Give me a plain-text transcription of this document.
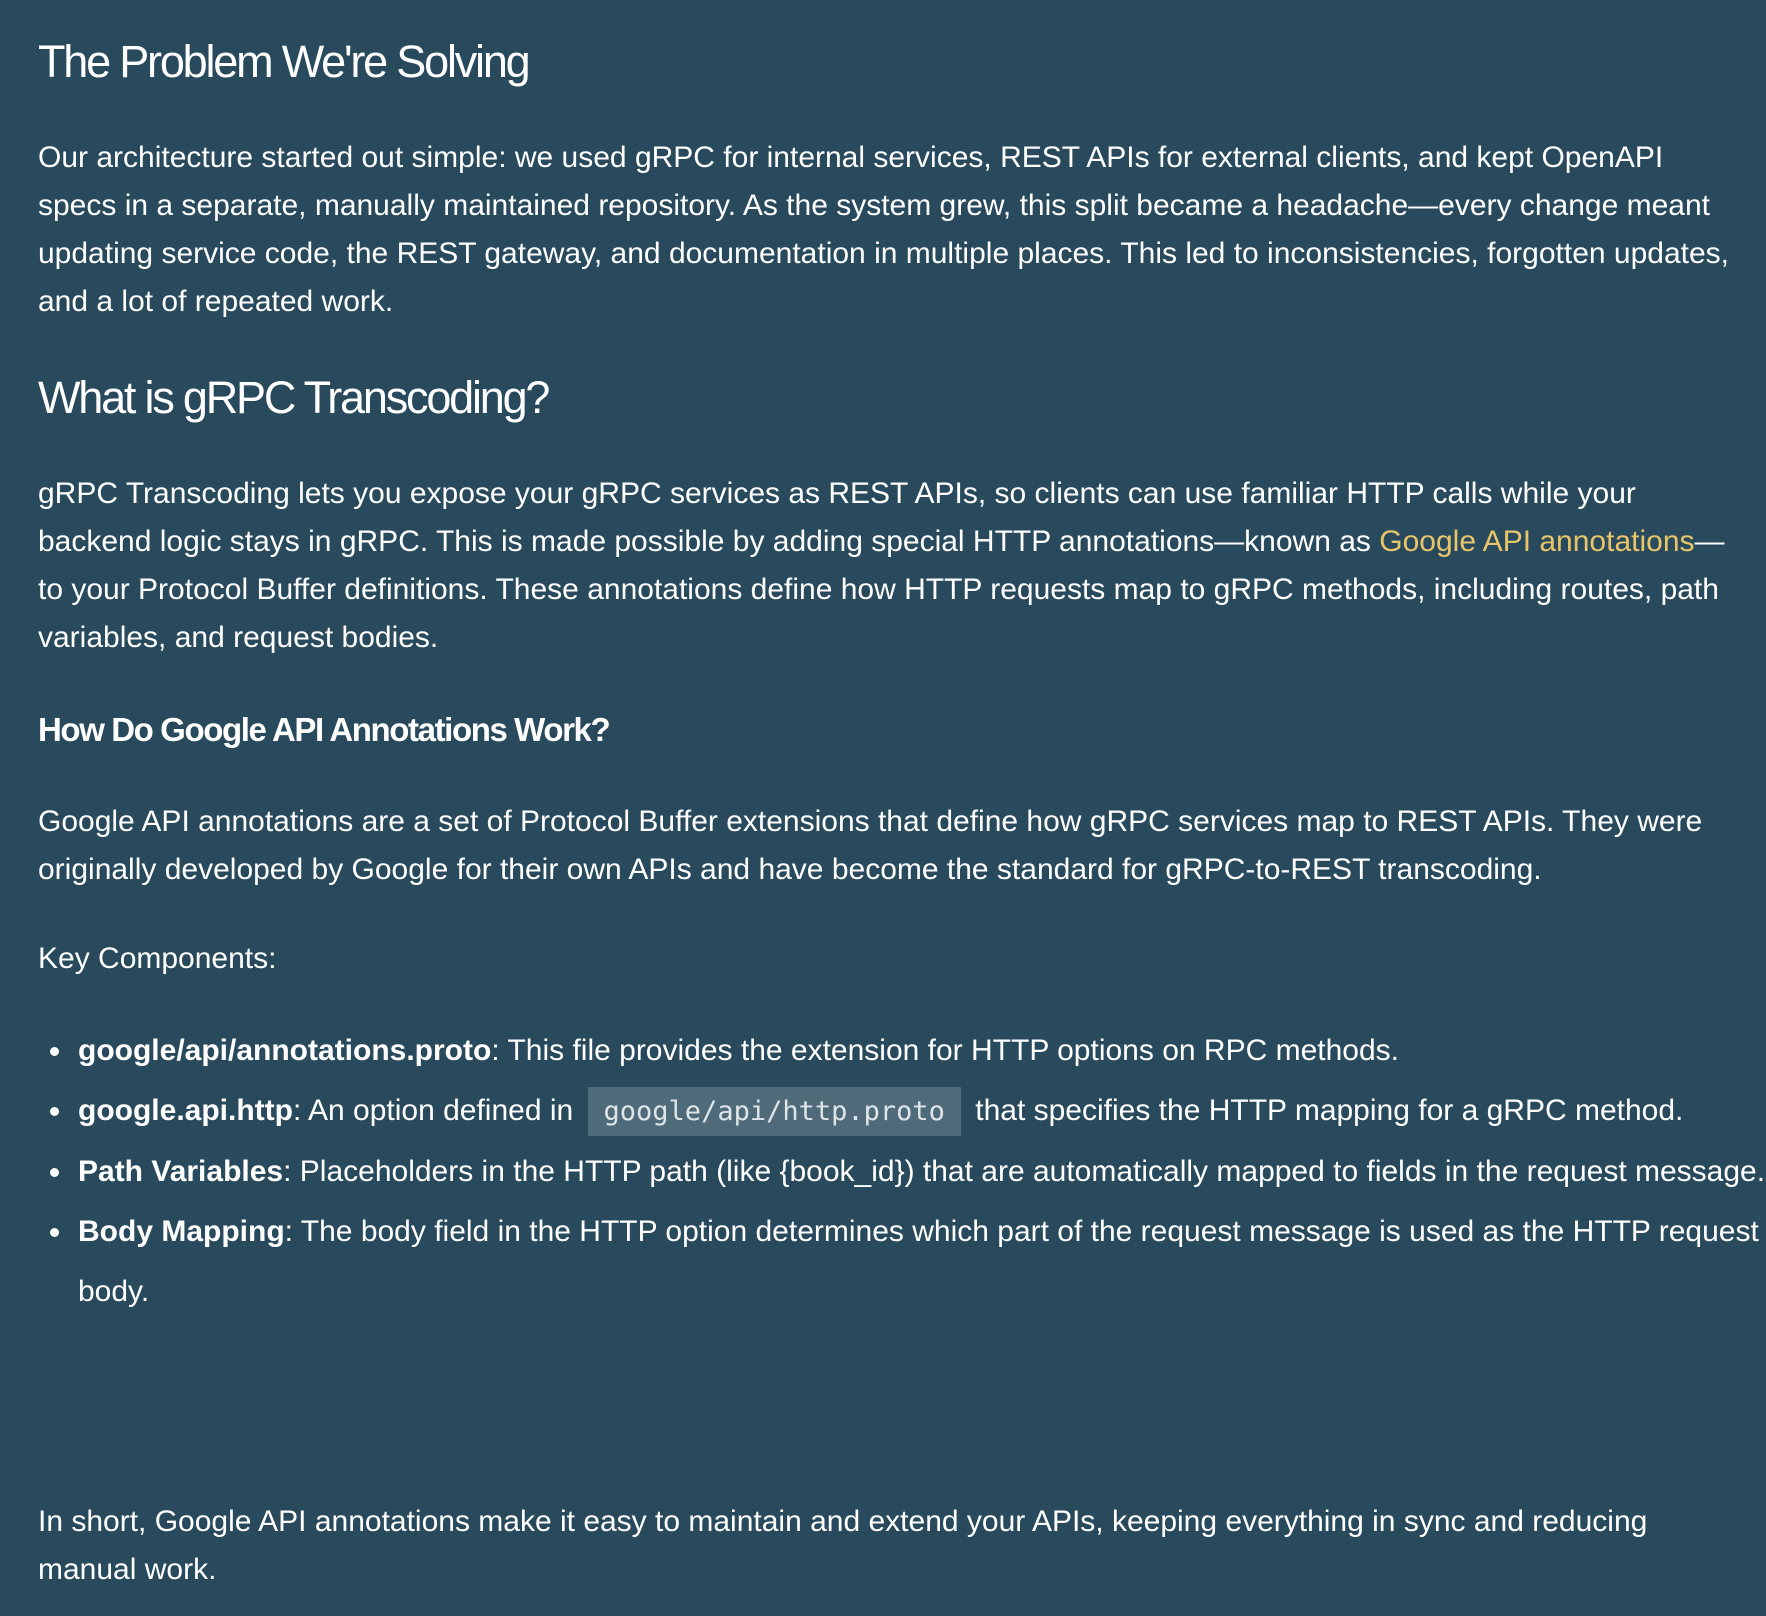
The Problem We're Solving

Our architecture started out simple: we used gRPC for internal services, REST APIs for external clients, and kept OpenAPI specs in a separate, manually maintained repository. As the system grew, this split became a headache—every change meant updating service code, the REST gateway, and documentation in multiple places. This led to inconsistencies, forgotten updates, and a lot of repeated work.

What is gRPC Transcoding?

gRPC Transcoding lets you expose your gRPC services as REST APIs, so clients can use familiar HTTP calls while your backend logic stays in gRPC. This is made possible by adding special HTTP annotations—known as Google API annotations—to your Protocol Buffer definitions. These annotations define how HTTP requests map to gRPC methods, including routes, path variables, and request bodies.

How Do Google API Annotations Work?

Google API annotations are a set of Protocol Buffer extensions that define how gRPC services map to REST APIs. They were originally developed by Google for their own APIs and have become the standard for gRPC-to-REST transcoding.

Key Components:

google/api/annotations.proto: This file provides the extension for HTTP options on RPC methods.
google.api.http: An option defined in google/api/http.proto that specifies the HTTP mapping for a gRPC method.
Path Variables: Placeholders in the HTTP path (like {book_id}) that are automatically mapped to fields in the request message.
Body Mapping: The body field in the HTTP option determines which part of the request message is used as the HTTP request body.

In short, Google API annotations make it easy to maintain and extend your APIs, keeping everything in sync and reducing manual work.
